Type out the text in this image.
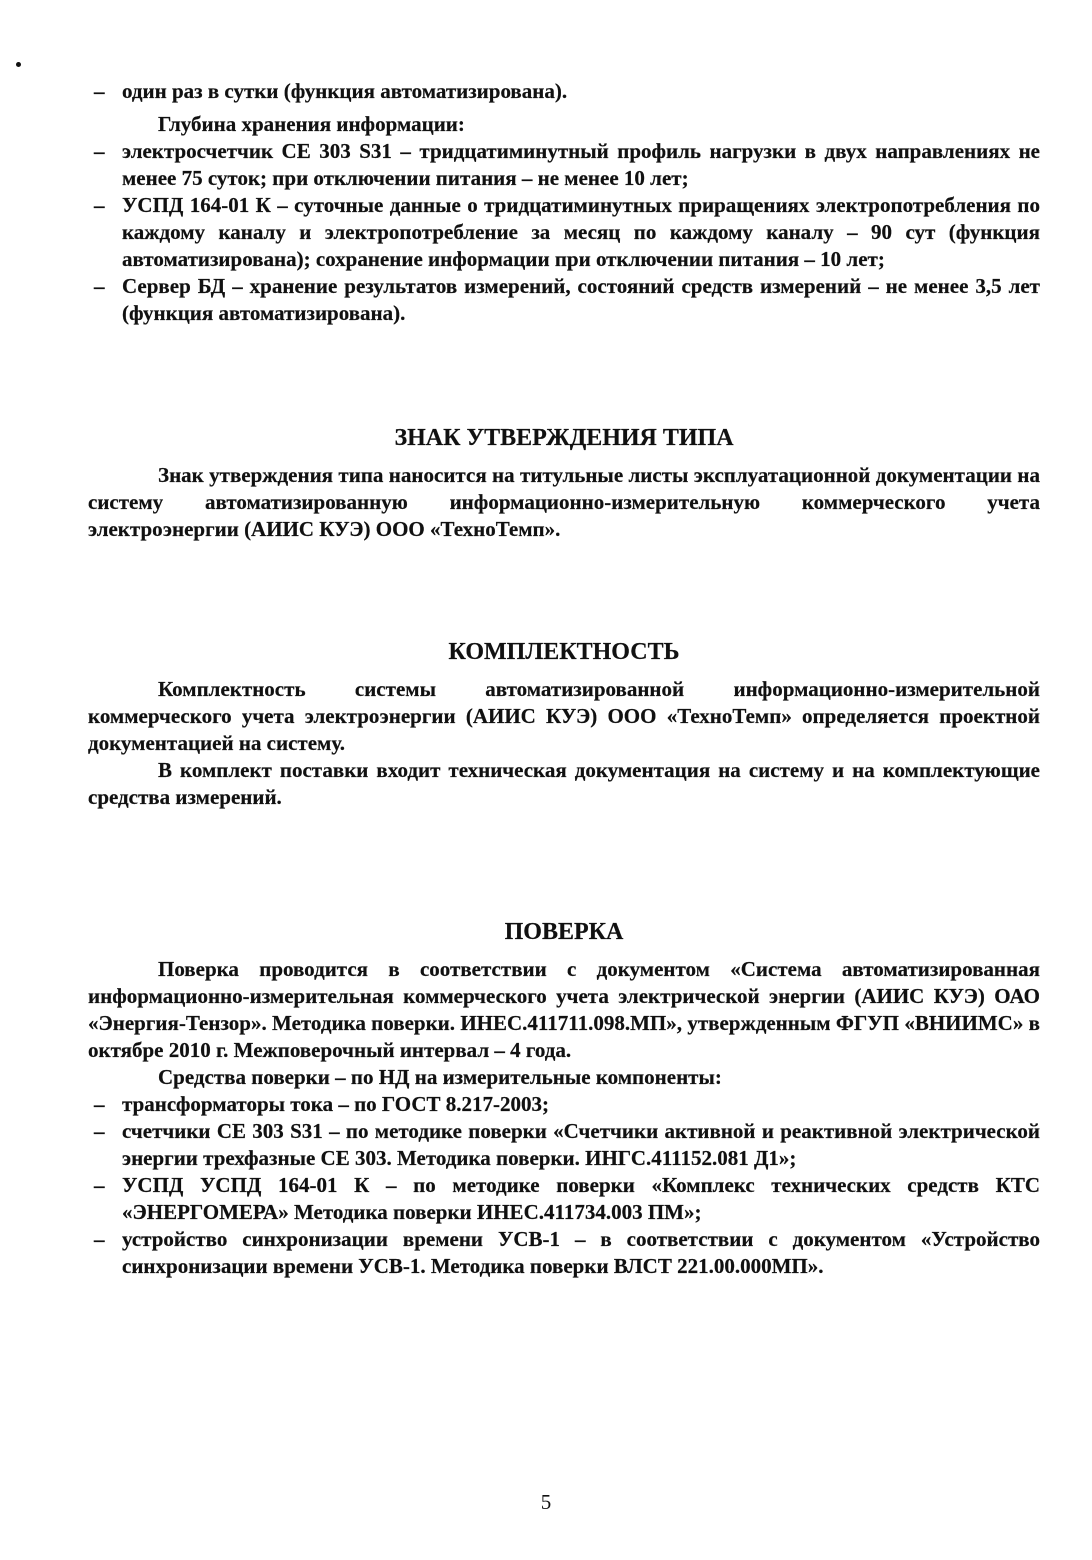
– один раз в сутки (функция автоматизирована).
Глубина хранения информации:
– электросчетчик СЕ 303 S31 – тридцатиминутный профиль нагрузки в двух направлениях не менее 75 суток; при отключении питания – не менее 10 лет;
– УСПД 164-01 К – суточные данные о тридцатиминутных приращениях электропотребления по каждому каналу и электропотребление за месяц по каждому каналу – 90 сут (функция автоматизирована); сохранение информации при отключении питания – 10 лет;
– Сервер БД – хранение результатов измерений, состояний средств измерений – не менее 3,5 лет (функция автоматизирована).
ЗНАК УТВЕРЖДЕНИЯ ТИПА
Знак утверждения типа наносится на титульные листы эксплуатационной документации на систему автоматизированную информационно-измерительную коммерческого учета электроэнергии (АИИС КУЭ) ООО «ТехноТемп».
КОМПЛЕКТНОСТЬ
Комплектность системы автоматизированной информационно-измерительной коммерческого учета электроэнергии (АИИС КУЭ) ООО «ТехноТемп» определяется проектной документацией на систему.
В комплект поставки входит техническая документация на систему и на комплектующие средства измерений.
ПОВЕРКА
Поверка проводится в соответствии с документом «Система автоматизированная информационно-измерительная коммерческого учета электрической энергии (АИИС КУЭ) ОАО «Энергия-Тензор». Методика поверки. ИНЕС.411711.098.МП», утвержденным ФГУП «ВНИИМС» в октябре 2010 г. Межповерочный интервал – 4 года.
Средства поверки – по НД на измерительные компоненты:
– трансформаторы тока – по ГОСТ 8.217-2003;
– счетчики СЕ 303 S31 – по методике поверки «Счетчики активной и реактивной электрической энергии трехфазные СЕ 303. Методика поверки. ИНГС.411152.081 Д1»;
– УСПД УСПД 164-01 К – по методике поверки «Комплекс технических средств КТС «ЭНЕРГОМЕРА» Методика поверки ИНЕС.411734.003 ПМ»;
– устройство синхронизации времени УСВ-1 – в соответствии с документом «Устройство синхронизации времени УСВ-1. Методика поверки ВЛСТ 221.00.000МП».
5
